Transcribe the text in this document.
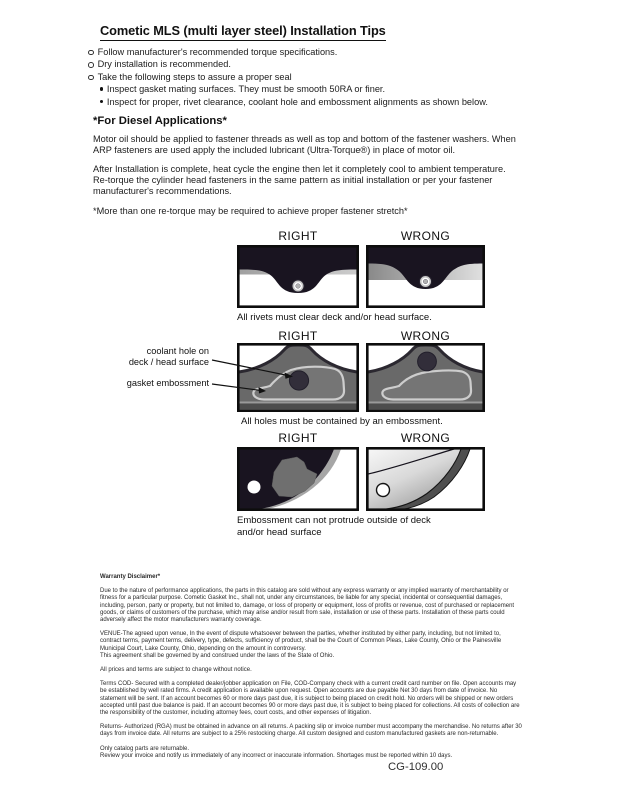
Cometic MLS (multi layer steel) Installation Tips
Follow manufacturer's recommended torque specifications.
Dry installation is recommended.
Take the following steps to assure a proper seal
Inspect gasket mating surfaces. They must be smooth 50RA or finer.
Inspect for proper, rivet clearance, coolant hole and embossment alignments as shown below.
*For Diesel Applications*

Motor oil should be applied to fastener threads as well as top and bottom of the fastener washers. When ARP fasteners are used apply the included lubricant (Ultra-Torque®) in place of motor oil.

After Installation is complete, heat cycle the engine then let it completely cool to ambient temperature. Re-torque the cylinder head fasteners in the same pattern as initial installation or per your fastener manufacturer's recommendations.

*More than one re-torque may be required to achieve proper fastener stretch*

RIGHT	WRONG
All rivets must clear deck and/or head surface.
RIGHT	WRONG
coolant hole on
deck / head surface
gasket embossment
All holes must be contained by an embossment.
RIGHT	WRONG
Embossment can not protrude outside of deck
and/or head surface
Warranty Disclaimer*

Due to the nature of performance applications, the parts in this catalog are sold without any express warranty or any implied warranty of merchantability or fitness for a particular purpose. Cometic Gasket Inc., shall not, under any circumstances, be liable for any special, incidental or consequential damages, including, person, party or property, but not limited to, damage, or loss of property or equipment, loss of profits or revenue, cost of purchased or replacement goods, or claims of customers of the purchase, which may arise and/or result from sale, installation or use of these parts. Installation of these parts could adversely affect the motor manufacturers warranty coverage.

VENUE-The agreed upon venue, In the event of dispute whatsoever between the parties, whether instituted by either party, including, but not limited to, contract terms, payment terms, delivery, type, defects, sufficiency of product, shall be the Court of Common Pleas, Lake County, Ohio or the Painesville Municipal Court, Lake County, Ohio, depending on the amount in controversy.

This agreement shall be governed by and construed under the laws of the State of Ohio.

All prices and terms are subject to change without notice.

Terms COD- Secured with a completed dealer/jobber application on File, COD-Company check with a current credit card number on file. Open accounts may be established by well rated firms. A credit application is available upon request. Open accounts are due payable Net 30 days from date of invoice. No statement will be sent. If an account becomes 60 or more days past due, it is subject to being placed on credit hold. No orders will be shipped or new orders accepted until past due balance is paid. If an account becomes 90 or more days past due, it is subject to being placed for collections. All costs of collection are the responsibility of the customer, including attorney fees, court costs, and other expenses of litigation.

Returns- Authorized (RGA) must be obtained in advance on all returns. A packing slip or invoice number must accompany the merchandise. No returns after 30 days from invoice date. All returns are subject to a 25% restocking charge. All custom designed and custom manufactured gaskets are non-returnable.

Only catalog parts are returnable.

Review your invoice and notify us immediately of any incorrect or inaccurate information. Shortages must be reported within 10 days.

CG-109.00
